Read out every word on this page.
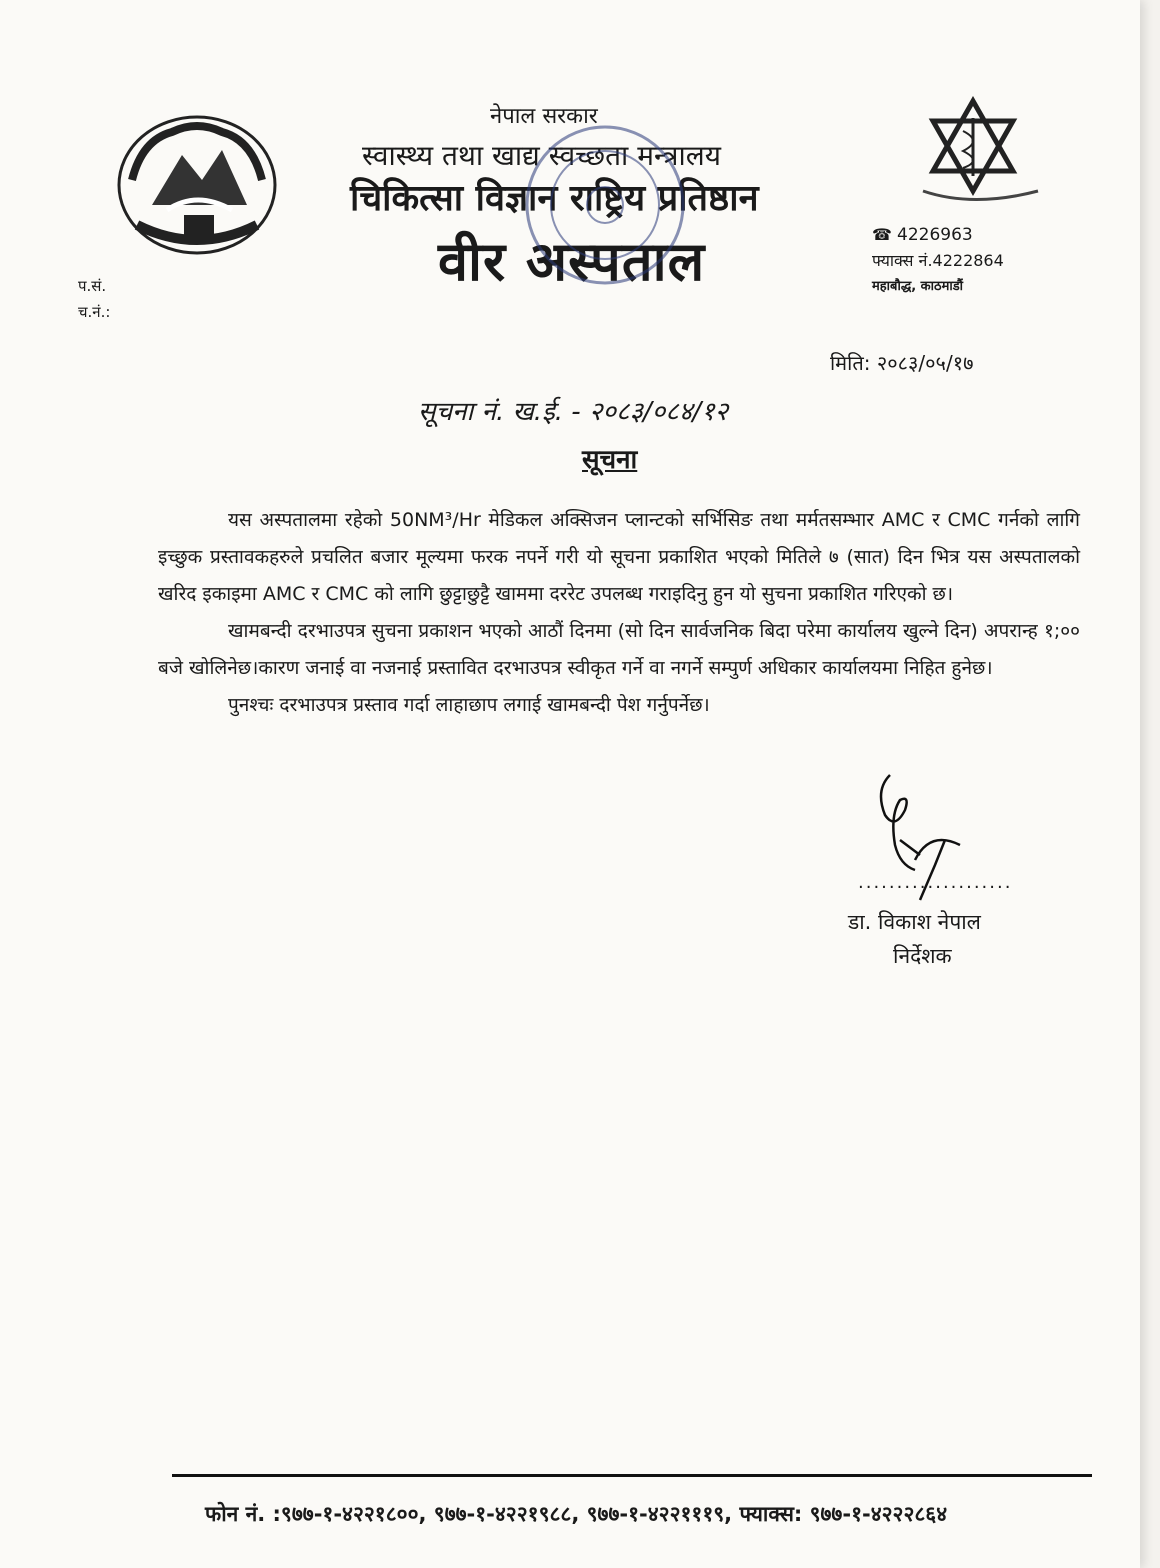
नेपाल सरकार
स्वास्थ्य तथा खाद्य स्वच्छता मन्त्रालय
चिकित्सा विज्ञान राष्ट्रिय प्रतिष्ठान
वीर अस्पताल	☎ 4226963
फ्याक्स नं.4222864
महाबौद्ध, काठमाडौं
प.सं.
च.नं.:
मिति: २०८३/०५/१७
सूचना नं. ख.ई. - २०८३/०८४/१२
सूचना

यस अस्पतालमा रहेको 50NM³/Hr मेडिकल अक्सिजन प्लान्टको सर्भिसिङ तथा मर्मतसम्भार AMC र CMC गर्नको लागि इच्छुक प्रस्तावकहरुले प्रचलित बजार मूल्यमा फरक नपर्ने गरी यो सूचना प्रकाशित भएको मितिले ७ (सात) दिन भित्र यस अस्पतालको खरिद इकाइमा AMC र CMC को लागि छुट्टाछुट्टै खाममा दररेट उपलब्ध गराइदिनु हुन यो सुचना प्रकाशित गरिएको छ।

खामबन्दी दरभाउपत्र सुचना प्रकाशन भएको आठौं दिनमा (सो दिन सार्वजनिक बिदा परेमा कार्यालय खुल्ने दिन) अपरान्ह १;०० बजे खोलिनेछ।कारण जनाई वा नजनाई प्रस्तावित दरभाउपत्र स्वीकृत गर्ने वा नगर्ने सम्पुर्ण अधिकार कार्यालयमा निहित हुनेछ।

पुनश्चः दरभाउपत्र प्रस्ताव गर्दा लाहाछाप लगाई खामबन्दी पेश गर्नुपर्नेछ।

....................
डा. विकाश नेपाल
निर्देशक
फोन नं. :९७७-१-४२२१८००, ९७७-१-४२२१९८८, ९७७-१-४२२१११९, फ्याक्स: ९७७-१-४२२२८६४
